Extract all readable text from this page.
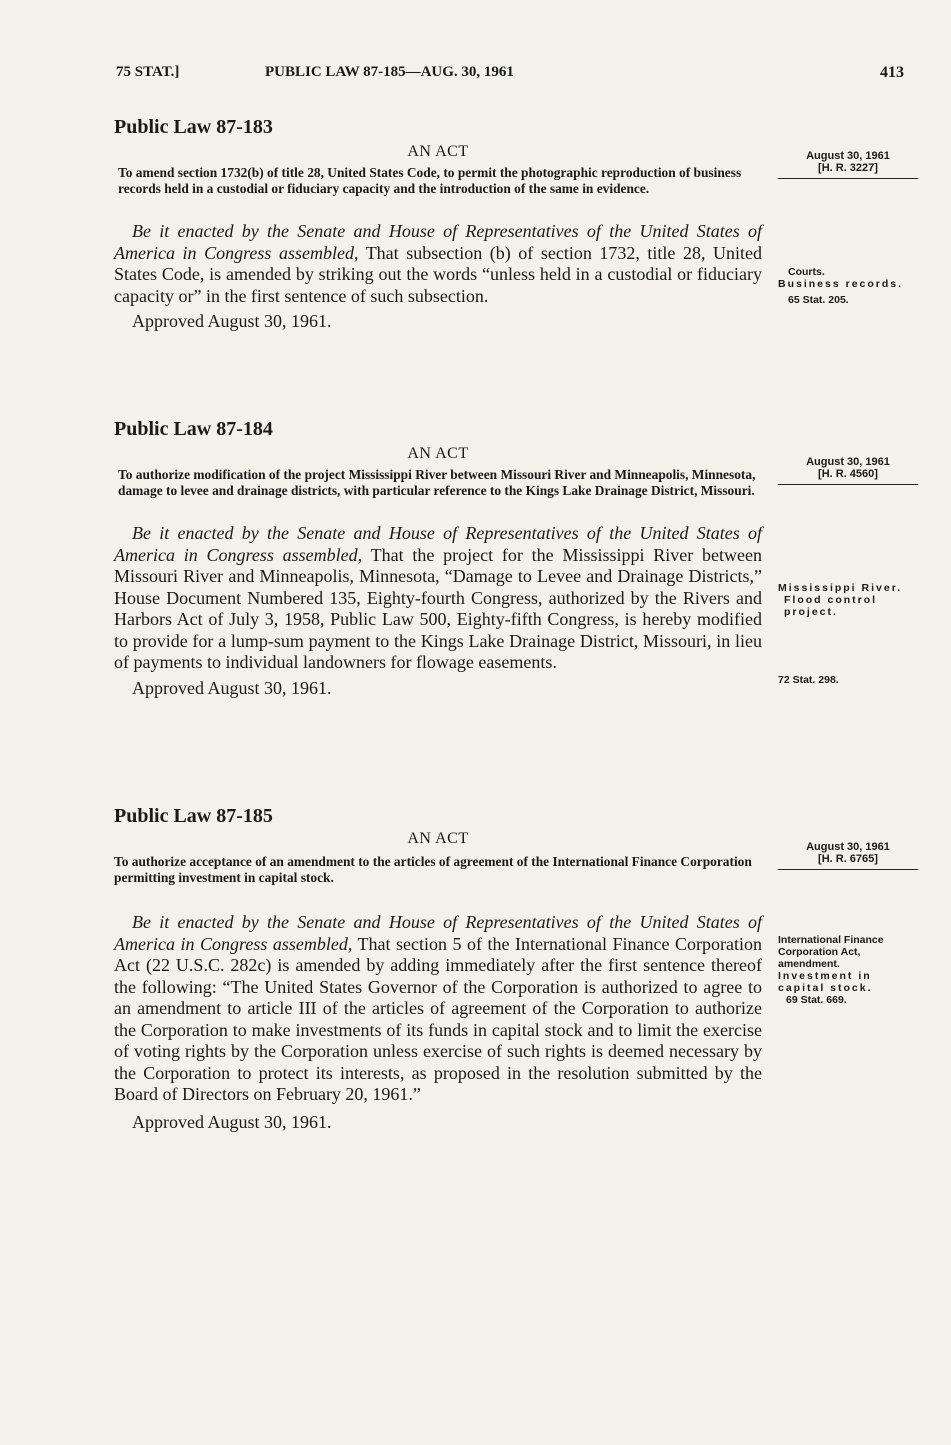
75 STAT.]	PUBLIC LAW 87-185—AUG. 30, 1961	413
Public Law 87-183

AN ACT

To amend section 1732(b) of title 28, United States Code, to permit the photographic reproduction of business records held in a custodial or fiduciary capacity and the introduction of the same in evidence.

Be it enacted by the Senate and House of Representatives of the United States of America in Congress assembled, That subsection (b) of section 1732, title 28, United States Code, is amended by striking out the words “unless held in a custodial or fiduciary capacity or” in the first sentence of such subsection.

Approved August 30, 1961.

August 30, 1961
[H. R. 3227]
Courts.
Business records.
65 Stat. 205.
Public Law 87-184

AN ACT

To authorize modification of the project Mississippi River between Missouri River and Minneapolis, Minnesota, damage to levee and drainage districts, with particular reference to the Kings Lake Drainage District, Missouri.

Be it enacted by the Senate and House of Representatives of the United States of America in Congress assembled, That the project for the Mississippi River between Missouri River and Minneapolis, Minnesota, “Damage to Levee and Drainage Districts,” House Document Numbered 135, Eighty-fourth Congress, authorized by the Rivers and Harbors Act of July 3, 1958, Public Law 500, Eighty-fifth Congress, is hereby modified to provide for a lump-sum payment to the Kings Lake Drainage District, Missouri, in lieu of payments to individual landowners for flowage easements.

Approved August 30, 1961.

August 30, 1961
[H. R. 4560]
Mississippi River.
Flood control project.
72 Stat. 298.
Public Law 87-185

AN ACT

To authorize acceptance of an amendment to the articles of agreement of the International Finance Corporation permitting investment in capital stock.

Be it enacted by the Senate and House of Representatives of the United States of America in Congress assembled, That section 5 of the International Finance Corporation Act (22 U.S.C. 282c) is amended by adding immediately after the first sentence thereof the following: “The United States Governor of the Corporation is authorized to agree to an amendment to article III of the articles of agreement of the Corporation to authorize the Corporation to make investments of its funds in capital stock and to limit the exercise of voting rights by the Corporation unless exercise of such rights is deemed necessary by the Corporation to protect its interests, as proposed in the resolution submitted by the Board of Directors on February 20, 1961.”

Approved August 30, 1961.

August 30, 1961
[H. R. 6765]
International Finance Corporation Act, amendment.
Investment in capital stock.
69 Stat. 669.
